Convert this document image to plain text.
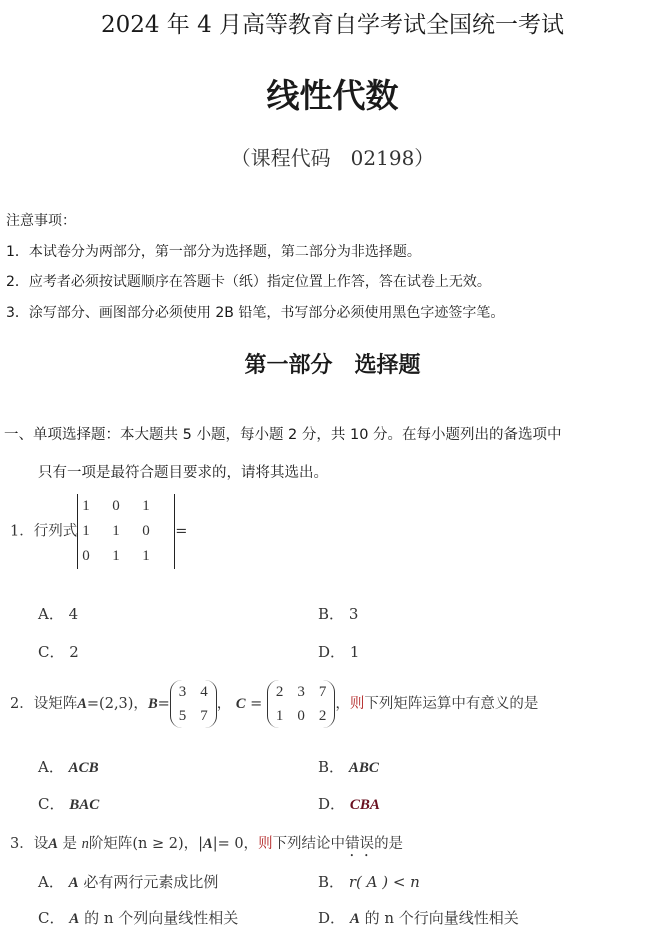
2024 年 4 月高等教育自学考试全国统一考试
线性代数
（课程代码　02198）
注意事项：
1．本试卷分为两部分，第一部分为选择题，第二部分为非选择题。
2．应考者必须按试题顺序在答题卡（纸）指定位置上作答，答在试卷上无效。
3．涂写部分、画图部分必须使用 2B 铅笔，书写部分必须使用黑色字迹签字笔。
第一部分　选择题
一、单项选择题：本大题共 5 小题，每小题 2 分，共 10 分。在每小题列出的备选项中
只有一项是最符合题目要求的，请将其选出。
1．行列式
1	0	1
1	1	0
0	1	1
=
A． 4	B． 3
C． 2	D． 1
2．设矩阵A=(2,3)，B=
3 4
5 7
， C =
2 3 7
1 0 2
，则下列矩阵运算中有意义的是
A． ACB	B． ABC
C． BAC	D． CBA
3．设A 是 n阶矩阵(n ≥ 2)，|A|= 0，则下列结论中错误的是
A． A 必有两行元素成比例	B． r( A ) < n
C． A 的 n 个列向量线性相关	D． A 的 n 个行向量线性相关
